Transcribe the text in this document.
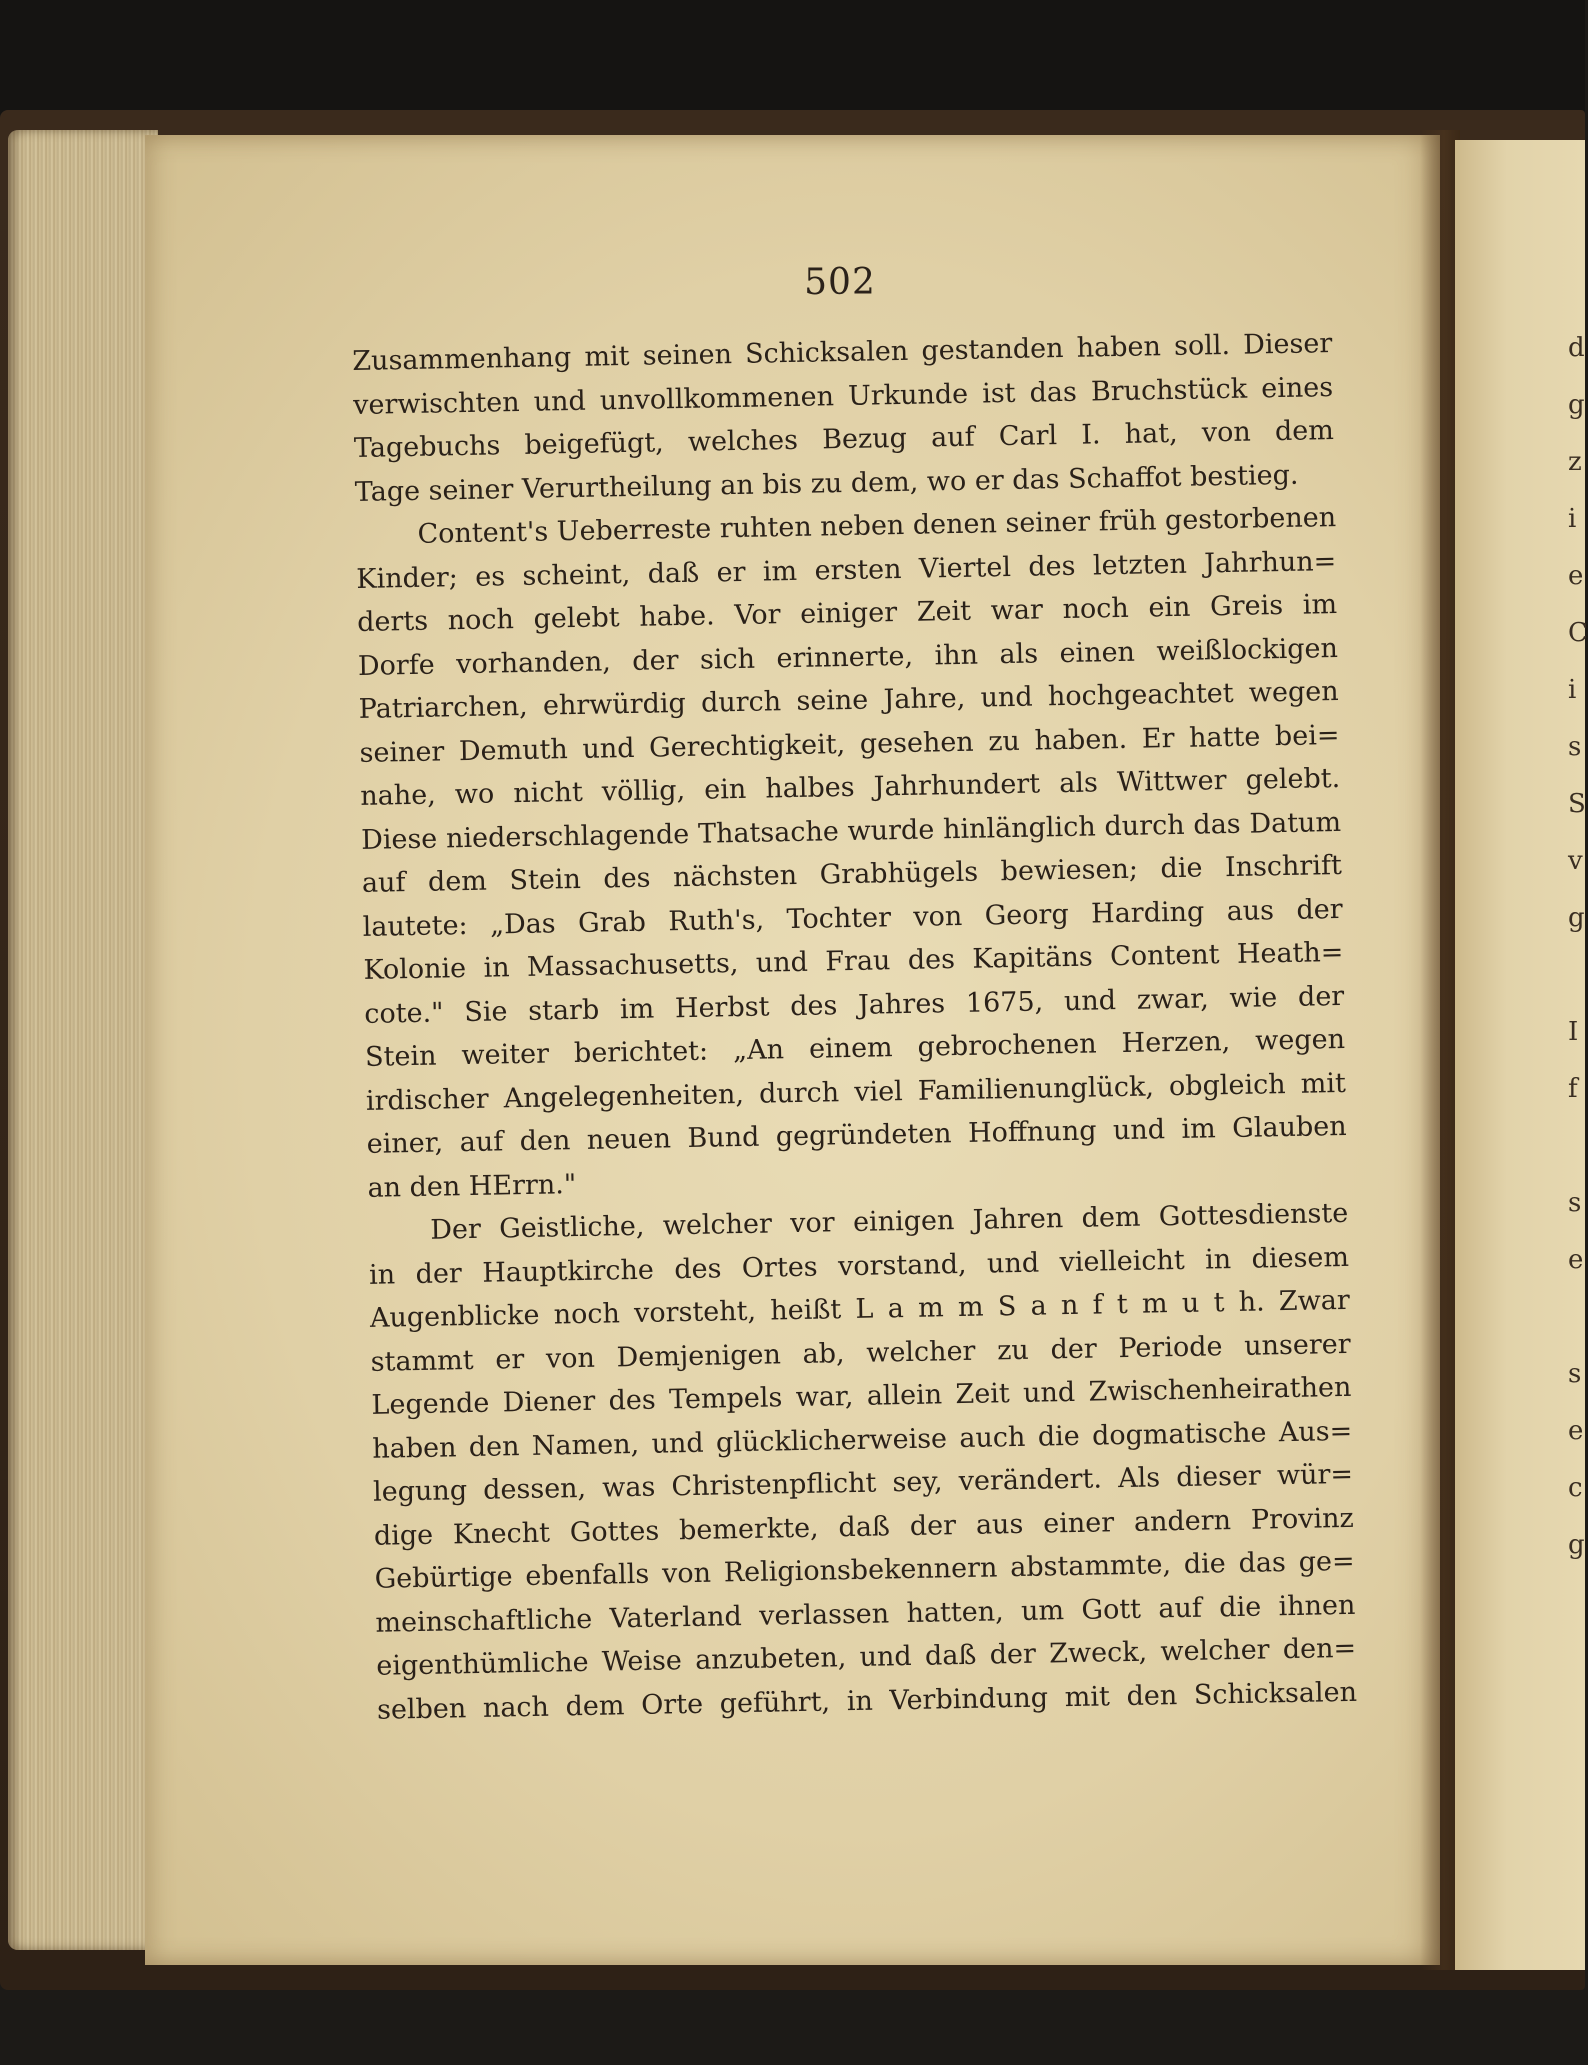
d
g
z
i
e
C
i
s
S
v
g

I
f

s
e

s
e
c
g
502
Zusammenhang mit seinen Schicksalen gestanden haben soll. Dieser
verwischten und unvollkommenen Urkunde ist das Bruchstück eines
Tagebuchs beigefügt, welches Bezug auf Carl I. hat, von dem
Tage seiner Verurtheilung an bis zu dem, wo er das Schaffot bestieg.
Content's Ueberreste ruhten neben denen seiner früh gestorbenen
Kinder; es scheint, daß er im ersten Viertel des letzten Jahrhun=
derts noch gelebt habe. Vor einiger Zeit war noch ein Greis im
Dorfe vorhanden, der sich erinnerte, ihn als einen weißlockigen
Patriarchen, ehrwürdig durch seine Jahre, und hochgeachtet wegen
seiner Demuth und Gerechtigkeit, gesehen zu haben. Er hatte bei=
nahe, wo nicht völlig, ein halbes Jahrhundert als Wittwer gelebt.
Diese niederschlagende Thatsache wurde hinlänglich durch das Datum
auf dem Stein des nächsten Grabhügels bewiesen; die Inschrift
lautete: „Das Grab Ruth's, Tochter von Georg Harding aus der
Kolonie in Massachusetts, und Frau des Kapitäns Content Heath=
cote." Sie starb im Herbst des Jahres 1675, und zwar, wie der
Stein weiter berichtet: „An einem gebrochenen Herzen, wegen
irdischer Angelegenheiten, durch viel Familienunglück, obgleich mit
einer, auf den neuen Bund gegründeten Hoffnung und im Glauben
an den HErrn."
Der Geistliche, welcher vor einigen Jahren dem Gottesdienste
in der Hauptkirche des Ortes vorstand, und vielleicht in diesem
Augenblicke noch vorsteht, heißt L a m m S a n f t m u t h. Zwar
stammt er von Demjenigen ab, welcher zu der Periode unserer
Legende Diener des Tempels war, allein Zeit und Zwischenheirathen
haben den Namen, und glücklicherweise auch die dogmatische Aus=
legung dessen, was Christenpflicht sey, verändert. Als dieser wür=
dige Knecht Gottes bemerkte, daß der aus einer andern Provinz
Gebürtige ebenfalls von Religionsbekennern abstammte, die das ge=
meinschaftliche Vaterland verlassen hatten, um Gott auf die ihnen
eigenthümliche Weise anzubeten, und daß der Zweck, welcher den=
selben nach dem Orte geführt, in Verbindung mit den Schicksalen
